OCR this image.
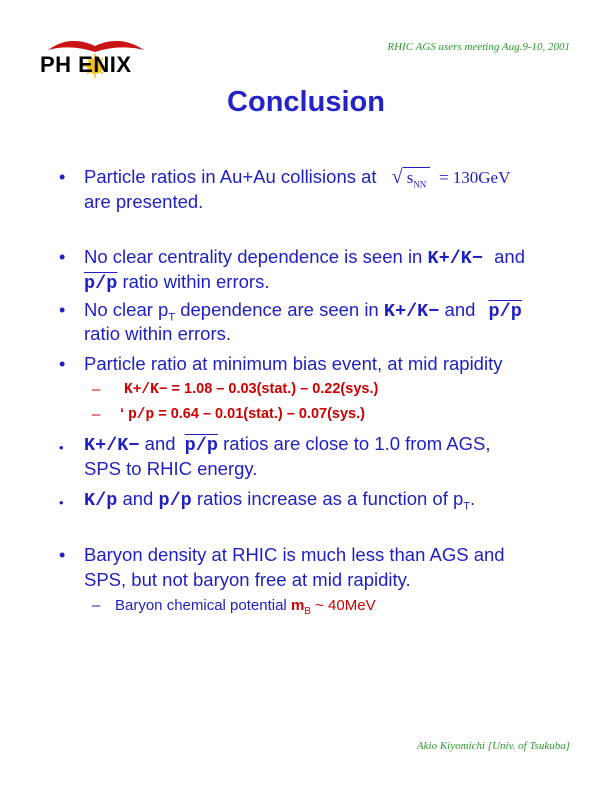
PH ENIX
RHIC AGS users meeting Aug.9-10, 2001
Conclusion
• Particle ratios in Au+Au collisions at √ $s_{NN} = 130GeV$
are presented.
• No clear centrality dependence is seen in K+/K− and
p/p ratio within errors.
• No clear $p_T$ dependence are seen in K+/K− and p/p
ratio within errors.
• Particle ratio at minimum bias event, at mid rapidity
– K+/K− = 1.08 – 0.03(stat.) – 0.22(sys.)
– ‘ p/p = 0.64 – 0.01(stat.) – 0.07(sys.)
• K+/K− and p/p ratios are close to 1.0 from AGS,
SPS to RHIC energy.
• K/p and p/p ratios increase as a function of $p_T$.
• Baryon density at RHIC is much less than AGS and
SPS, but not baryon free at mid rapidity.
– Baryon chemical potential $m_B$ ~ 40MeV
Akio Kiyomichi [Univ. of Tsukuba]
